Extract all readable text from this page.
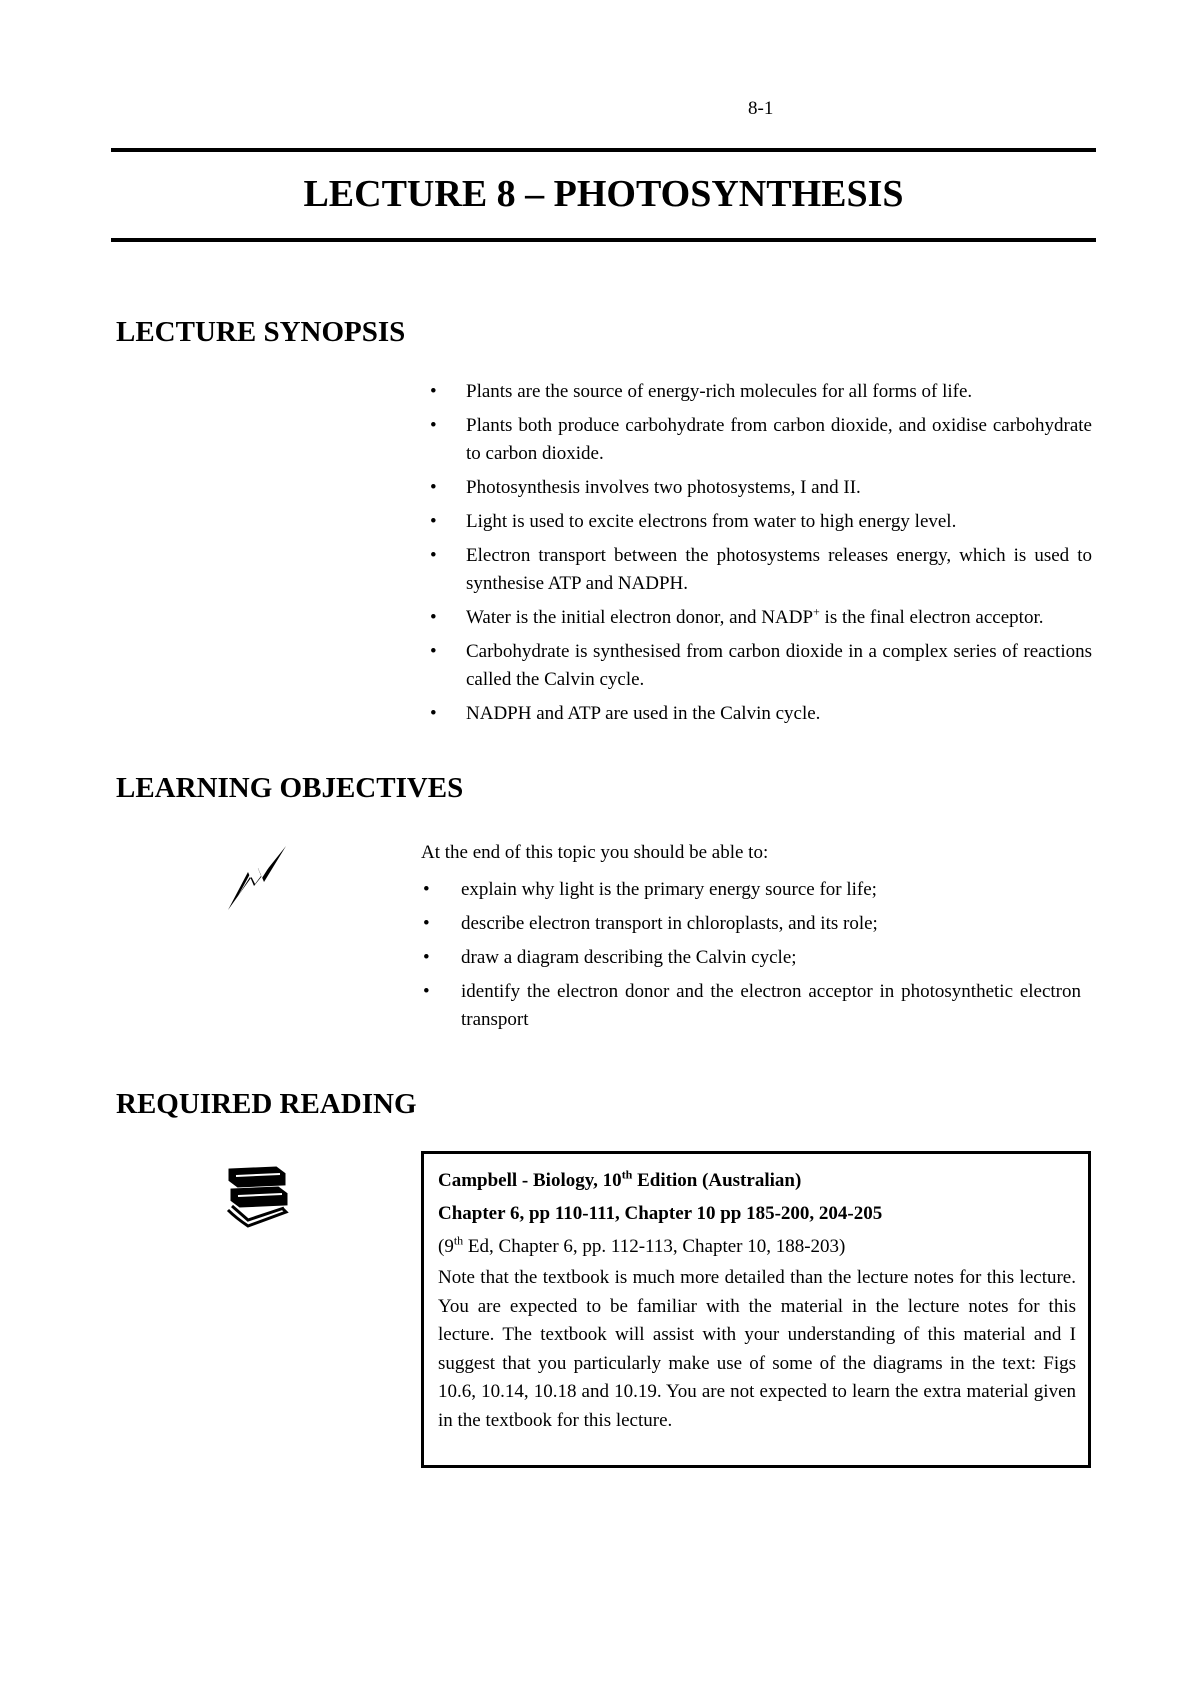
8-1
LECTURE 8 – PHOTOSYNTHESIS
LECTURE SYNOPSIS
• Plants are the source of energy-rich molecules for all forms of life.
• Plants both produce carbohydrate from carbon dioxide, and oxidise carbohydrate to carbon dioxide.
• Photosynthesis involves two photosystems, I and II.
• Light is used to excite electrons from water to high energy level.
• Electron transport between the photosystems releases energy, which is used to synthesise ATP and NADPH.
• Water is the initial electron donor, and NADP+ is the final electron acceptor.
• Carbohydrate is synthesised from carbon dioxide in a complex series of reactions called the Calvin cycle.
• NADPH and ATP are used in the Calvin cycle.
LEARNING OBJECTIVES
At the end of this topic you should be able to:
• explain why light is the primary energy source for life;
• describe electron transport in chloroplasts, and its role;
• draw a diagram describing the Calvin cycle;
• identify the electron donor and the electron acceptor in photosynthetic electron transport
REQUIRED READING
Campbell - Biology, 10th Edition (Australian)
Chapter 6, pp 110-111, Chapter 10 pp 185-200, 204-205
(9th Ed, Chapter 6, pp. 112-113, Chapter 10, 188-203)
Note that the textbook is much more detailed than the lecture notes for this lecture. You are expected to be familiar with the material in the lecture notes for this lecture. The textbook will assist with your understanding of this material and I suggest that you particularly make use of some of the diagrams in the text: Figs 10.6, 10.14, 10.18 and 10.19. You are not expected to learn the extra material given in the textbook for this lecture.
